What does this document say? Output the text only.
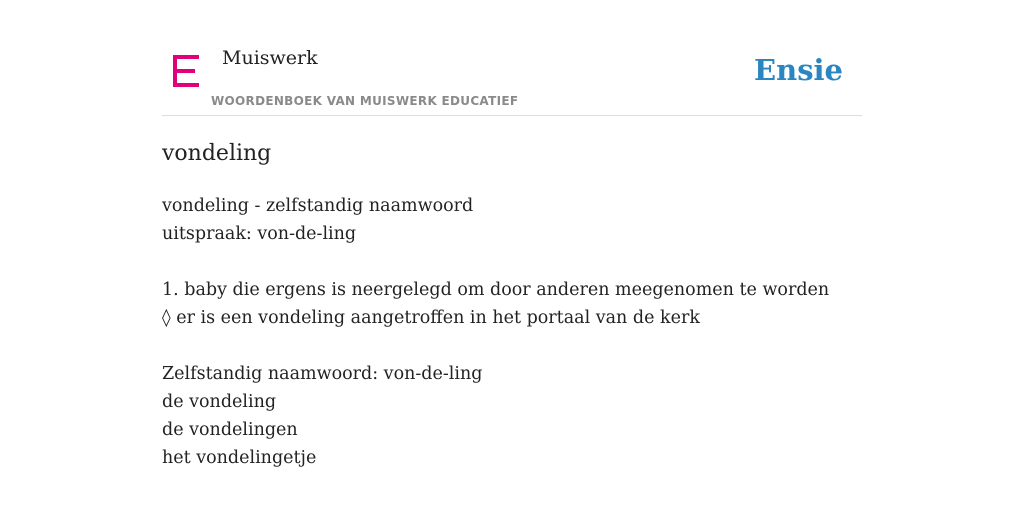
Muiswerk
WOORDENBOEK VAN MUISWERK EDUCATIEF
Ensie
vondeling
vondeling - zelfstandig naamwoord
uitspraak: von-de-ling
1. baby die ergens is neergelegd om door anderen meegenomen te worden
◊ er is een vondeling aangetroffen in het portaal van de kerk
Zelfstandig naamwoord: von-de-ling
de vondeling
de vondelingen
het vondelingetje
